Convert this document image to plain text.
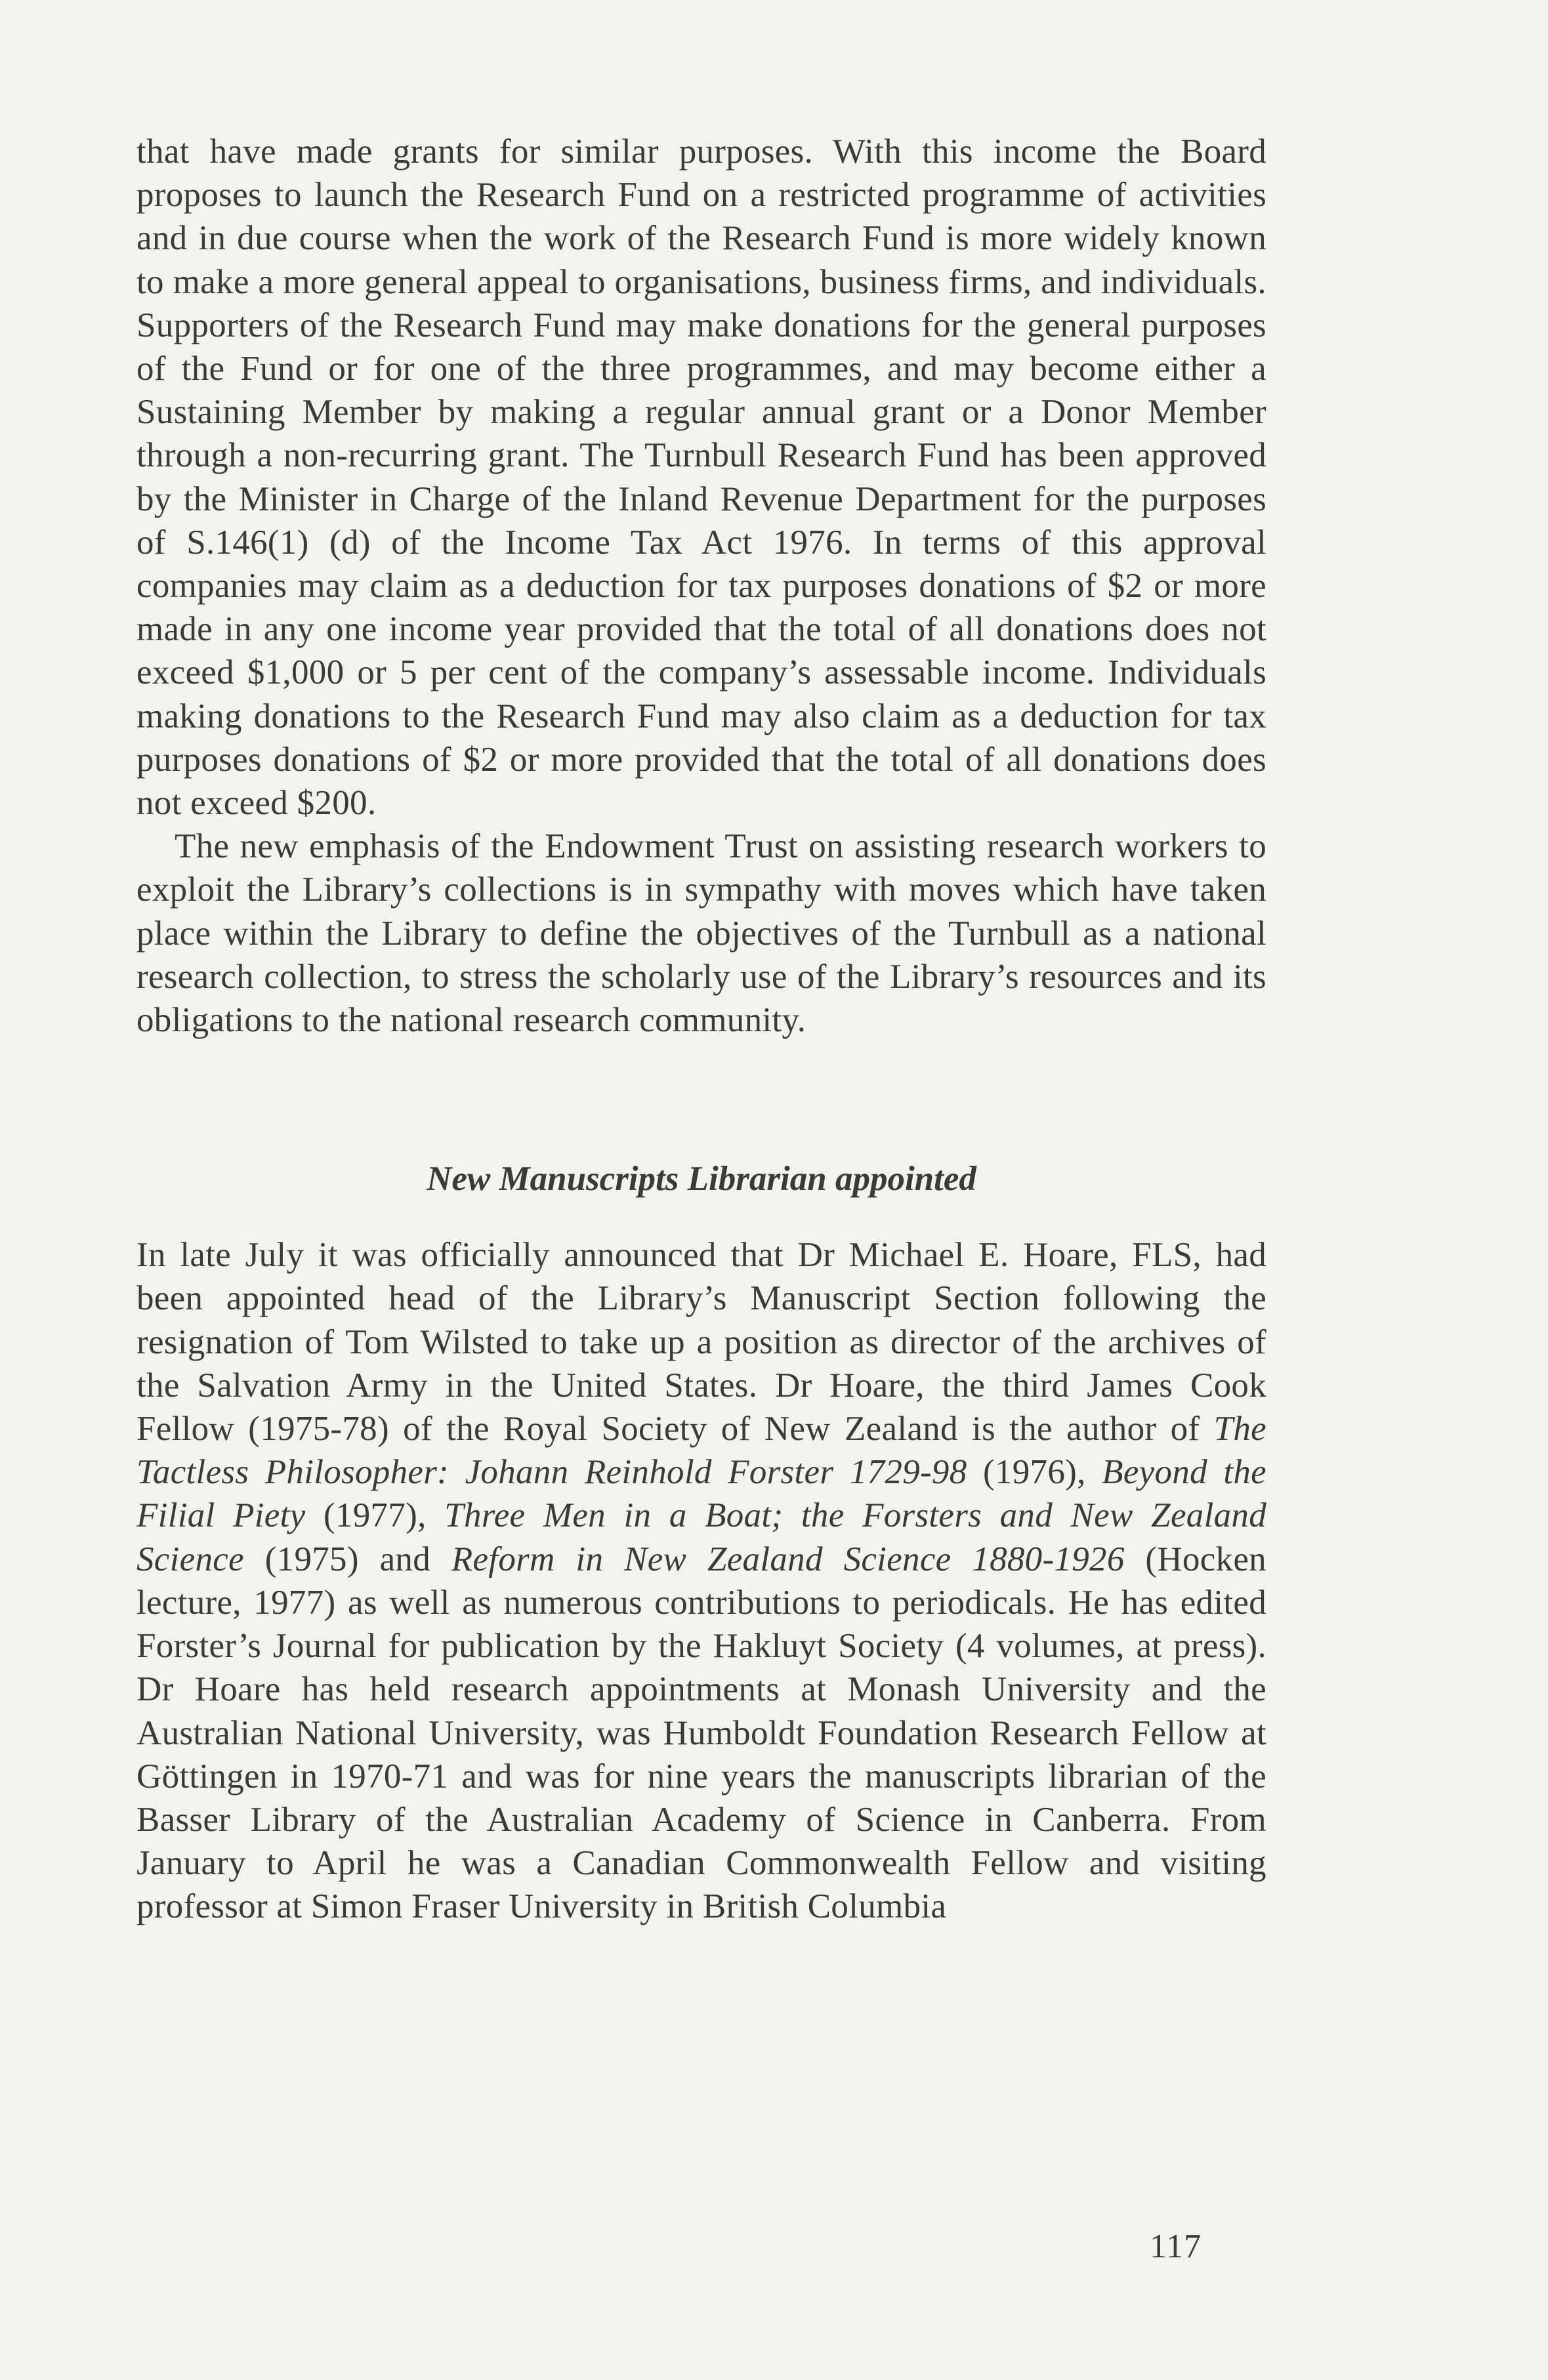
that have made grants for similar purposes. With this income the Board proposes to launch the Research Fund on a restricted programme of activities and in due course when the work of the Research Fund is more widely known to make a more general appeal to organisations, business firms, and individuals. Supporters of the Research Fund may make donations for the general purposes of the Fund or for one of the three programmes, and may become either a Sustaining Member by making a regular annual grant or a Donor Member through a non-recurring grant. The Turnbull Research Fund has been approved by the Minister in Charge of the Inland Revenue Department for the purposes of S.146(1) (d) of the Income Tax Act 1976. In terms of this approval companies may claim as a deduction for tax purposes donations of $2 or more made in any one income year provided that the total of all donations does not exceed $1,000 or 5 per cent of the company’s assessable income. Individuals making donations to the Research Fund may also claim as a deduction for tax purposes donations of $2 or more provided that the total of all donations does not exceed $200.

The new emphasis of the Endowment Trust on assisting research workers to exploit the Library’s collections is in sympathy with moves which have taken place within the Library to define the objectives of the Turnbull as a national research collection, to stress the scholarly use of the Library’s resources and its obligations to the national research community.

New Manuscripts Librarian appointed

In late July it was officially announced that Dr Michael E. Hoare, FLS, had been appointed head of the Library’s Manuscript Section following the resignation of Tom Wilsted to take up a position as director of the archives of the Salvation Army in the United States. Dr Hoare, the third James Cook Fellow (1975-78) of the Royal Society of New Zealand is the author of The Tactless Philosopher: Johann Reinhold Forster 1729-98 (1976), Beyond the Filial Piety (1977), Three Men in a Boat; the Forsters and New Zealand Science (1975) and Reform in New Zealand Science 1880-1926 (Hocken lecture, 1977) as well as numerous contributions to periodicals. He has edited Forster’s Journal for publication by the Hakluyt Society (4 volumes, at press). Dr Hoare has held research appointments at Monash University and the Australian National University, was Humboldt Foundation Research Fellow at Göttingen in 1970-71 and was for nine years the manuscripts librarian of the Basser Library of the Australian Academy of Science in Canberra. From January to April he was a Canadian Commonwealth Fellow and visiting professor at Simon Fraser University in British Columbia

117
